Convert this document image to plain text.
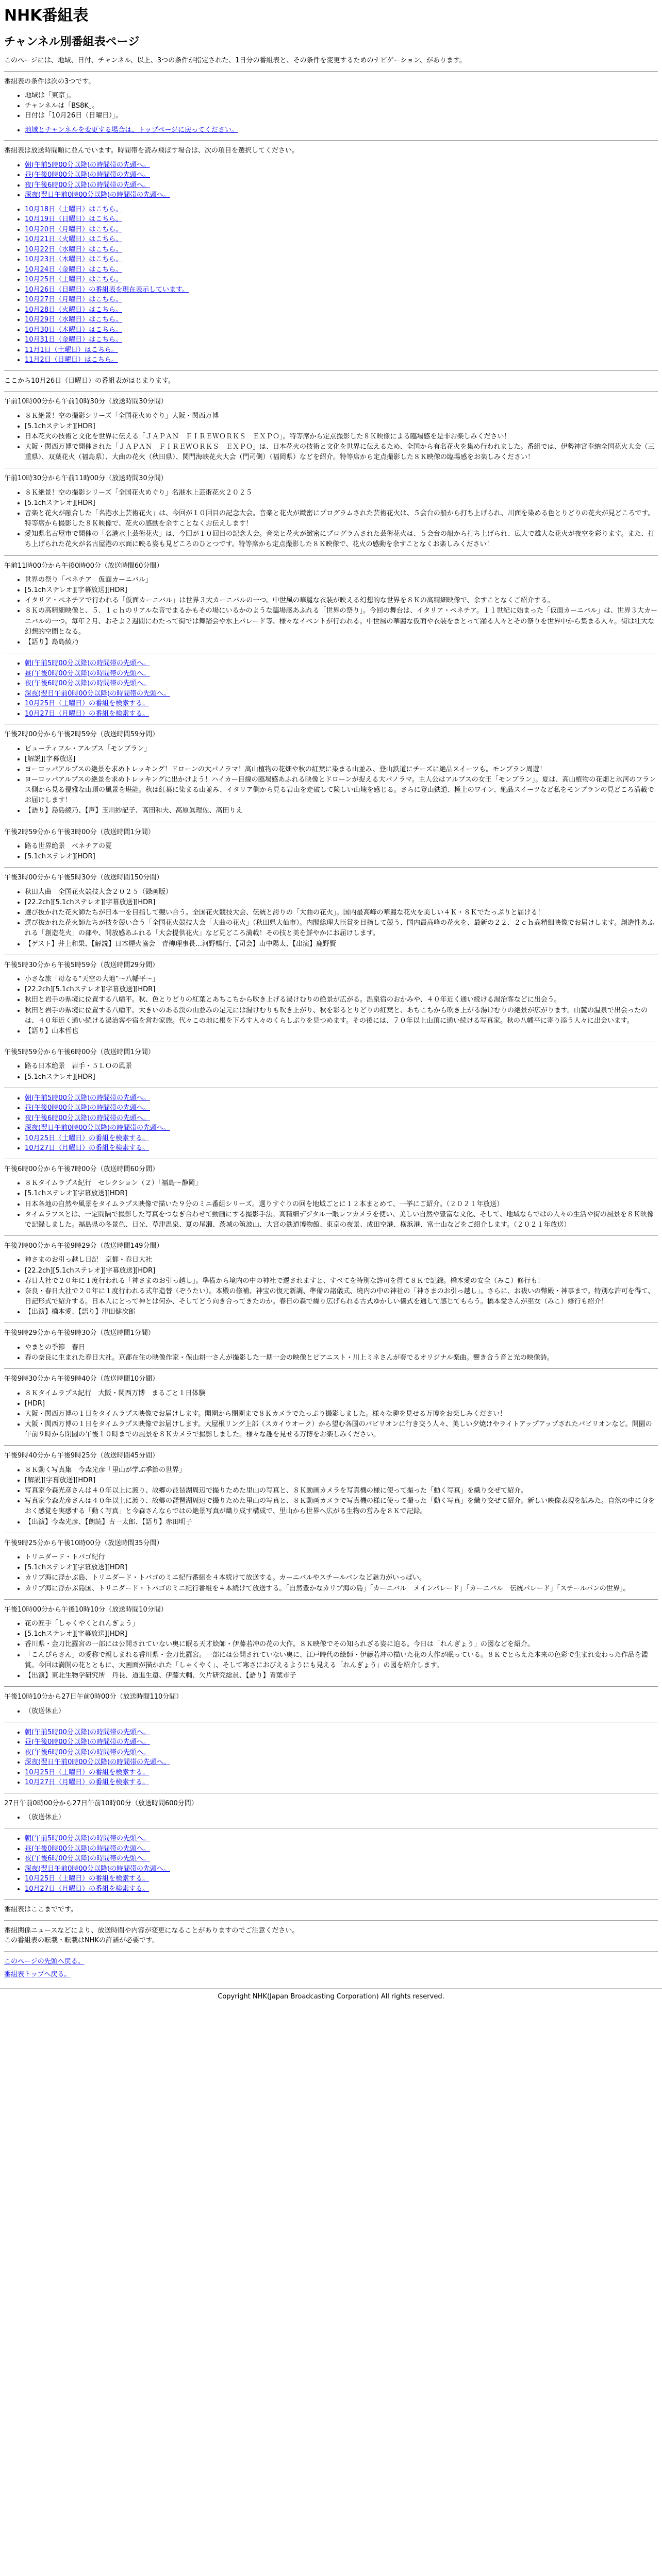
NHK番組表
チャンネル別番組表ページ

このページには、地域、日付、チャンネル、以上、3つの条件が指定された、1日分の番組表と、その条件を変更するためのナビゲーション、があります。

番組表の条件は次の3つです。

• 地域は「東京」。
• チャンネルは「BS8K」。
• 日付は「10月26日（日曜日）」。
• 地域とチャンネルを変更する場合は、トップページに戻ってください。

番組表は放送時間順に並んでいます。時間帯を読み飛ばす場合は、次の項目を選択してください。

• 朝(午前5時00分以降)の時間帯の先頭へ。
• 昼(午後0時00分以降)の時間帯の先頭へ。
• 夜(午後6時00分以降)の時間帯の先頭へ。
• 深夜(翌日午前0時00分以降)の時間帯の先頭へ。
• 10月18日（土曜日）はこちら。
• 10月19日（日曜日）はこちら。
• 10月20日（月曜日）はこちら。
• 10月21日（火曜日）はこちら。
• 10月22日（水曜日）はこちら。
• 10月23日（木曜日）はこちら。
• 10月24日（金曜日）はこちら。
• 10月25日（土曜日）はこちら。
• 10月26日（日曜日）の番組表を現在表示しています。
• 10月27日（月曜日）はこちら。
• 10月28日（火曜日）はこちら。
• 10月29日（水曜日）はこちら。
• 10月30日（木曜日）はこちら。
• 10月31日（金曜日）はこちら。
• 11月1日（土曜日）はこちら。
• 11月2日（日曜日）はこちら。

ここから10月26日（日曜日）の番組表がはじまります。

午前10時00分から午前10時30分（放送時間30分間）

• ８Ｋ絶景！空の撮影シリーズ「全国花火めぐり」大阪・関西万博
• [5.1chステレオ][HDR]
• 日本花火の技術と文化を世界に伝える「ＪＡＰＡＮ　ＦＩＲＥＷＯＲＫＳ　ＥＸＰＯ」。特等席から定点撮影した８Ｋ映像による臨場感を是非お楽しみください！
• 大阪・関西万博で開催された「ＪＡＰＡＮ　ＦＩＲＥＷＯＲＫＳ　ＥＸＰＯ」は、日本花火の技術と文化を世界に伝えるため、全国から有名花火を集め行われました。番組では、伊勢神宮奉納全国花火大会（三重県）、双葉花火（福島県）、大曲の花火（秋田県）、関門海峡花火大会（門司側）（福岡県）などを紹介。特等席から定点撮影した８Ｋ映像の臨場感をお楽しみください！

午前10時30分から午前11時00分（放送時間30分間）

• ８Ｋ絶景！空の撮影シリーズ「全国花火めぐり」名港水上芸術花火２０２５
• [5.1chステレオ][HDR]
• 音楽と花火が融合した「名港水上芸術花火」は、今回が１０回目の記念大会。音楽と花火が緻密にプログラムされた芸術花火は、５会台の船から打ち上げられ、川面を染める色とりどりの花火が見どころです。特等席から撮影した８Ｋ映像で、花火の感動を余すことなくお伝えします！
• 愛知県名古屋市で開催の「名港水上芸術花火」は、今回が１０回目の記念大会。音楽と花火が緻密にプログラムされた芸術花火は、５会台の船から打ち上げられ、広大で雄大な花火が夜空を彩ります。また、打ち上げられた花火が名古屋港の水面に映る姿も見どころのひとつです。特等席から定点撮影した８Ｋ映像で、花火の感動を余すことなくお楽しみください！

午前11時00分から午後0時00分（放送時間60分間）

• 世界の祭り「ベネチア　仮面カーニバル」
• [5.1chステレオ][字幕放送][HDR]
• イタリア・ベネチアで行われる「仮面カーニバル」は世界３大カーニバルの一つ。中世風の華麗な衣装が映える幻想的な世界を８Ｋの高精細映像で、余すことなくご紹介する。
• ８Ｋの高精細映像と、５．１ｃｈのリアルな音でまるかもその場にいるかのような臨場感あふれる「世界の祭り」。今回の舞台は、イタリア・ベネチア。１１世紀に始まった「仮面カーニバル」は、世界３大カーニバルの一つ。毎年２月、おそよ２週間にわたって街では舞踏会や水上パレード等、様々なイベントが行われる。中世風の華麗な仮面や衣装をまとって踊る人々とその祭りを世界中から集まる人々。街は壮大な幻想的空間となる。
• 【語り】島島綾乃
• 朝(午前5時00分以降)の時間帯の先頭へ。
• 昼(午後0時00分以降)の時間帯の先頭へ。
• 夜(午後6時00分以降)の時間帯の先頭へ。
• 深夜(翌日午前0時00分以降)の時間帯の先頭へ。
• 10月25日（土曜日）の番組を検索する。
• 10月27日（月曜日）の番組を検索する。

午後2時00分から午後2時59分（放送時間59分間）

• ビューティフル・アルプス「モンブラン」
• [解説][字幕放送]
• ヨーロッパアルプスの絶景を求めトレッキング！ドローンの大パノラマ！高山植物の花畑や秋の紅葉に染まる山並み、登山鉄道にチーズに絶品スイーツも。モンブラン周遊！
• ヨーロッパアルプスの絶景を求めトレッキングに出かけよう！ハイカー目線の臨場感あふれる映像とドローンが捉える大パノラマ。主人公はアルプスの女王「モンブラン」。夏は、高山植物の花畑と氷河のフランス側から見る優雅な山頂の風景を堪能。秋は紅葉に染まる山並み、イタリア側から見る岩山を走破して険しい山塊を感じる。さらに登山鉄道、極上のワイン、絶品スイーツなど私をモンブランの見どころ満載でお届けします！
• 【語り】島島綾乃、【声】玉川紗記子、高田和夫、高原眞理佐、高田りえ

午後2時59分から午後3時00分（放送時間1分間）

• 路る世界絶景　ベネチアの夏
• [5.1chステレオ][HDR]

午後3時00分から午後5時30分（放送時間150分間）

• 秋田大曲　全国花火競技大会２０２５（録画版）
• [22.2ch][5.1chステレオ][字幕放送][HDR]
• 選び抜かれた花火師たちが日本一を目指して競い合う。全国花火競技大会、伝統と誇りの「大曲の花火」。国内最高峰の華麗な花火を美しい４Ｋ・８Ｋでたっぷりと届ける！
• 選び抜かれた花火師たちが技を競い合う「全国花火競技大会「大曲の花火」（秋田県大仙市）。内閣総理大臣賞を目指して競う、国内最高峰の花火を、最新の２２．２ｃｈ高精細映像でお届けします。創造性あふれる「創造花火」の部や、開放感あふれる「大会提供花火」など見どころ満載！その技と美を鮮やかにお届けします。
• 【ゲスト】井上和果、【解説】日本煙火協会　青柳理事長…河野暢行、【司会】山中陽太、【出演】鹿野賢

午後5時30分から午後5時59分（放送時間29分間）

• 小さな旅「母なる“天空の大地”～八幡平～」
• [22.2ch][5.1chステレオ][字幕放送][HDR]
• 秋田と岩手の県境に位置する八幡平。秋、色とりどりの紅葉とあちこちから吹き上げる湯けむりの絶景が広がる。温泉宿のおかみや、４０年近く通い続ける湯治客などに出会う。
• 秋田と岩手の県境に位置する八幡平。大きいのある渓の山並みの足元には湯けむりも吹き上がり、秋を彩るとりどりの紅葉と、あちこちから吹き上がる湯けむりの絶景が広がります。山麓の温泉で出会ったのは、４０年近く通い続ける湯治客や宿を営む家族。代々この地に根を下ろす人々のくらしぶりを見つめます。その後には、７０年以上山頂に通い続ける写真家。秋の八幡平に寄り添う人々に出会います。
• 【語り】山本哲也

午後5時59分から午後6時00分（放送時間1分間）

• 路る日本絶景　岩手・５ＬＯの風景
• [5.1chステレオ][HDR]
• 朝(午前5時00分以降)の時間帯の先頭へ。
• 昼(午後0時00分以降)の時間帯の先頭へ。
• 夜(午後6時00分以降)の時間帯の先頭へ。
• 深夜(翌日午前0時00分以降)の時間帯の先頭へ。
• 10月25日（土曜日）の番組を検索する。
• 10月27日（月曜日）の番組を検索する。

午後6時00分から午後7時00分（放送時間60分間）

• ８Ｋタイムラプス紀行　セレクション（２）「福島～静岡」
• [5.1chステレオ][字幕放送][HDR]
• 日本各地の自然や風景をタイムラプス映像で描いた９分のミニ番組シリーズ。選りすぐりの回を地域ごとに１２本まとめて、一挙にご紹介。（２０２１年放送）
• タイムラプスとは、一定間隔で撮影した写真をつなぎ合わせて動画にする撮影手法。高精細デジタル一眼レフカメラを使い、美しい自然や豊富な文化、そして、地域ならではの人々の生活や街の風景を８Ｋ映像で記録しました。福島県の冬景色、日光、草津温泉、夏の尾瀬、茨城の筑波山、大宮の鉄道博物館、東京の夜景、成田空港、横浜港、富士山などをご紹介します。（２０２１年放送）

午後7時00分から午後9時29分（放送時間149分間）

• 神さまのお引っ越し日記　京都・春日大社
• [22.2ch][5.1chステレオ][字幕放送][HDR]
• 春日大社で２０年に１度行われる「神さまのお引っ越し」。準備から境内の中の神社で遷されますと、すべてを特別な許可を得て８Ｋで記録。橋本愛の安全（みこ）修行も！
• 奈良・春日大社で２０年に１度行われる式年造替（ぞうたい）。本殿の修補、神宝の復元新調、準備の諸儀式、境内の中の神社の「神さまのお引っ越し」。さらに、お祓いの幣殿・神事まで。特別な許可を得て、日記形式で紹介する。日本人にとって神とは何か、そしてどう向き合ってきたのか。春日の森で繰り広げられる古式ゆかしい儀式を通して感じてもらう。橋本愛さんが巫女（みこ）修行も紹介！
• 【出演】橋本愛、【語り】津田健次郎

午後9時29分から午後9時30分（放送時間1分間）

• やまとの季節　春日
• 春の奈良に生まれた春日大社。京都在住の映像作家・保山耕一さんが撮影した一期一会の映像とピアニスト・川上ミネさんが奏でるオリジナル楽曲。響き合う音と光の映像詩。

午後9時30分から午後9時40分（放送時間10分間）

• ８Ｋタイムラプス紀行　大阪・関西万博　まるごと１日体験
• [HDR]
• 大阪・関西万博の１日をタイムラプス映像でお届けします。開園から閉園まで８Ｋカメラでたっぷり撮影しました。様々な趣を見せる万博をお楽しみください！
• 大阪・関西万博の１日をタイムラプス映像でお届けします。大屋根リング上部（スカイウオーク）から望む各国のパビリオンに行き交う人々、美しい夕焼けやライトアップアップされたパビリオンなど。開園の午前９時から閉園の午後１０時までの風景を８Ｋカメラで撮影しました。様々な趣を見せる万博をお楽しみください。

午後9時40分から午後9時25分（放送時間45分間）

• ８Ｋ動く写真集　今森光彦「里山が学ぶ季節の世界」
• [解説][字幕放送][HDR]
• 写真家今森光彦さんは４０年以上に渡り、故郷の琵琶湖周辺で撮りためた里山の写真と、８Ｋ動画カメラを写真機の様に使って撮った「動く写真」を織り交ぜて紹介。
• 写真家今森光彦さんは４０年以上に渡り、故郷の琵琶湖周辺で撮りためた里山の写真と、８Ｋ動画カメラで写真機の様に使って撮った「動く写真」を織り交ぜて紹介。新しい映像表現を試みた。自然の中に身をおく感覚を実感する「動く写真」と今森さんならではの絶景写真が織り成す構成で、里山から世界へ広がる生物の営みを８Ｋで記録。
• 【出演】今森光彦、【朗読】古一太郎、【語り】赤田明子

午後9時25分から午後10時00分（放送時間35分間）

• トリニダード・トバゴ紀行
• [5.1chステレオ][字幕放送][HDR]
• カリブ海に浮かぶ島、トリニダード・トバゴのミニ紀行番組を４本続けて放送する。カーニバルやスチールパンなど魅力がいっぱい。
• カリブ海に浮かぶ島国、トリニダード・トバゴのミニ紀行番組を４本続けて放送する。「自然豊かなカリブ海の島」「カーニバル　メインパレード」「カーニバル　伝統パレード」「スチールパンの世界」。

午後10時00分から午後10時10分（放送時間10分間）

• 花の匠手「しゃくやくとれんぎょう」
• [5.1chステレオ][字幕放送][HDR]
• 香川県・金刀比羅宮の一部には公開されていない奥に眠る天才絵師・伊藤若冲の花の大作。８Ｋ映像でその知られざる姿に迫る。今日は「れんぎょう」の図などを紹介。
• 「こんぴらさん」の愛称で親しまれる香川県・金刀比羅宮。一部には公開されていない奥に、江戸時代の絵師・伊藤若冲の描いた花の大作が眠っている。８Ｋでとらえた本来の色彩で生まれ変わった作品を鑑賞。今回は満開の花とともに、大画面が描かれた「しゃくやく」、そして寒さにおびえるようにも見える「れんぎょう」の図を紹介します。
• 【出演】東北生物学研究所　丹長、道進生還、伊藤大輔、欠片研究総員、【語り】青葉市子

午後10時10分から27日午前0時00分（放送時間110分間）

• （放送休止）
• 朝(午前5時00分以降)の時間帯の先頭へ。
• 昼(午後0時00分以降)の時間帯の先頭へ。
• 夜(午後6時00分以降)の時間帯の先頭へ。
• 深夜(翌日午前0時00分以降)の時間帯の先頭へ。
• 10月25日（土曜日）の番組を検索する。
• 10月27日（月曜日）の番組を検索する。

27日午前0時00分から27日午前10時00分（放送時間600分間）

• （放送休止）
• 朝(午前5時00分以降)の時間帯の先頭へ。
• 昼(午後0時00分以降)の時間帯の先頭へ。
• 夜(午後6時00分以降)の時間帯の先頭へ。
• 深夜(翌日午前0時00分以降)の時間帯の先頭へ。
• 10月25日（土曜日）の番組を検索する。
• 10月27日（月曜日）の番組を検索する。

番組表はここまでです。

番組関係ニュースなどにより、放送時間や内容が変更になることがありますのでご注意ください。
この番組表の転載・転載はNHKの許諾が必要です。

このページの先頭へ戻る。

番組表トップへ戻る。

Copyright NHK(Japan Broadcasting Corporation) All rights reserved.
